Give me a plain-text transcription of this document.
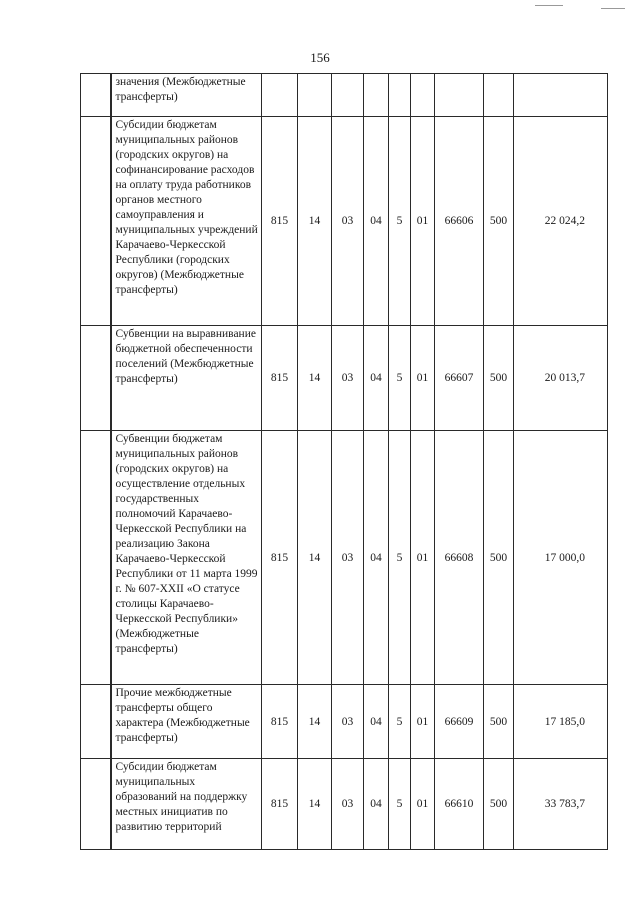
156
	значения (Межбюджетные трансферты)									
	Субсидии бюджетам муниципальных районов (городских округов) на софинансирование расходов на оплату труда работников органов местного самоуправления и муниципальных учреждений Карачаево-Черкесской Республики (городских округов) (Межбюджетные трансферты)	815	14	03	04	5	01	66606	500	22 024,2
	Субвенции на выравнивание бюджетной обеспеченности поселений (Межбюджетные трансферты)	815	14	03	04	5	01	66607	500	20 013,7
	Субвенции бюджетам муниципальных районов (городских округов) на осуществление отдельных государственных полномочий Карачаево-Черкесской Республики на реализацию Закона Карачаево-Черкесской Республики от 11 марта 1999 г. № 607-XXII «О статусе столицы Карачаево-Черкесской Республики» (Межбюджетные трансферты)	815	14	03	04	5	01	66608	500	17 000,0
	Прочие межбюджетные трансферты общего характера (Межбюджетные трансферты)	815	14	03	04	5	01	66609	500	17 185,0
	Субсидии бюджетам муниципальных образований на поддержку местных инициатив по развитию территорий	815	14	03	04	5	01	66610	500	33 783,7
